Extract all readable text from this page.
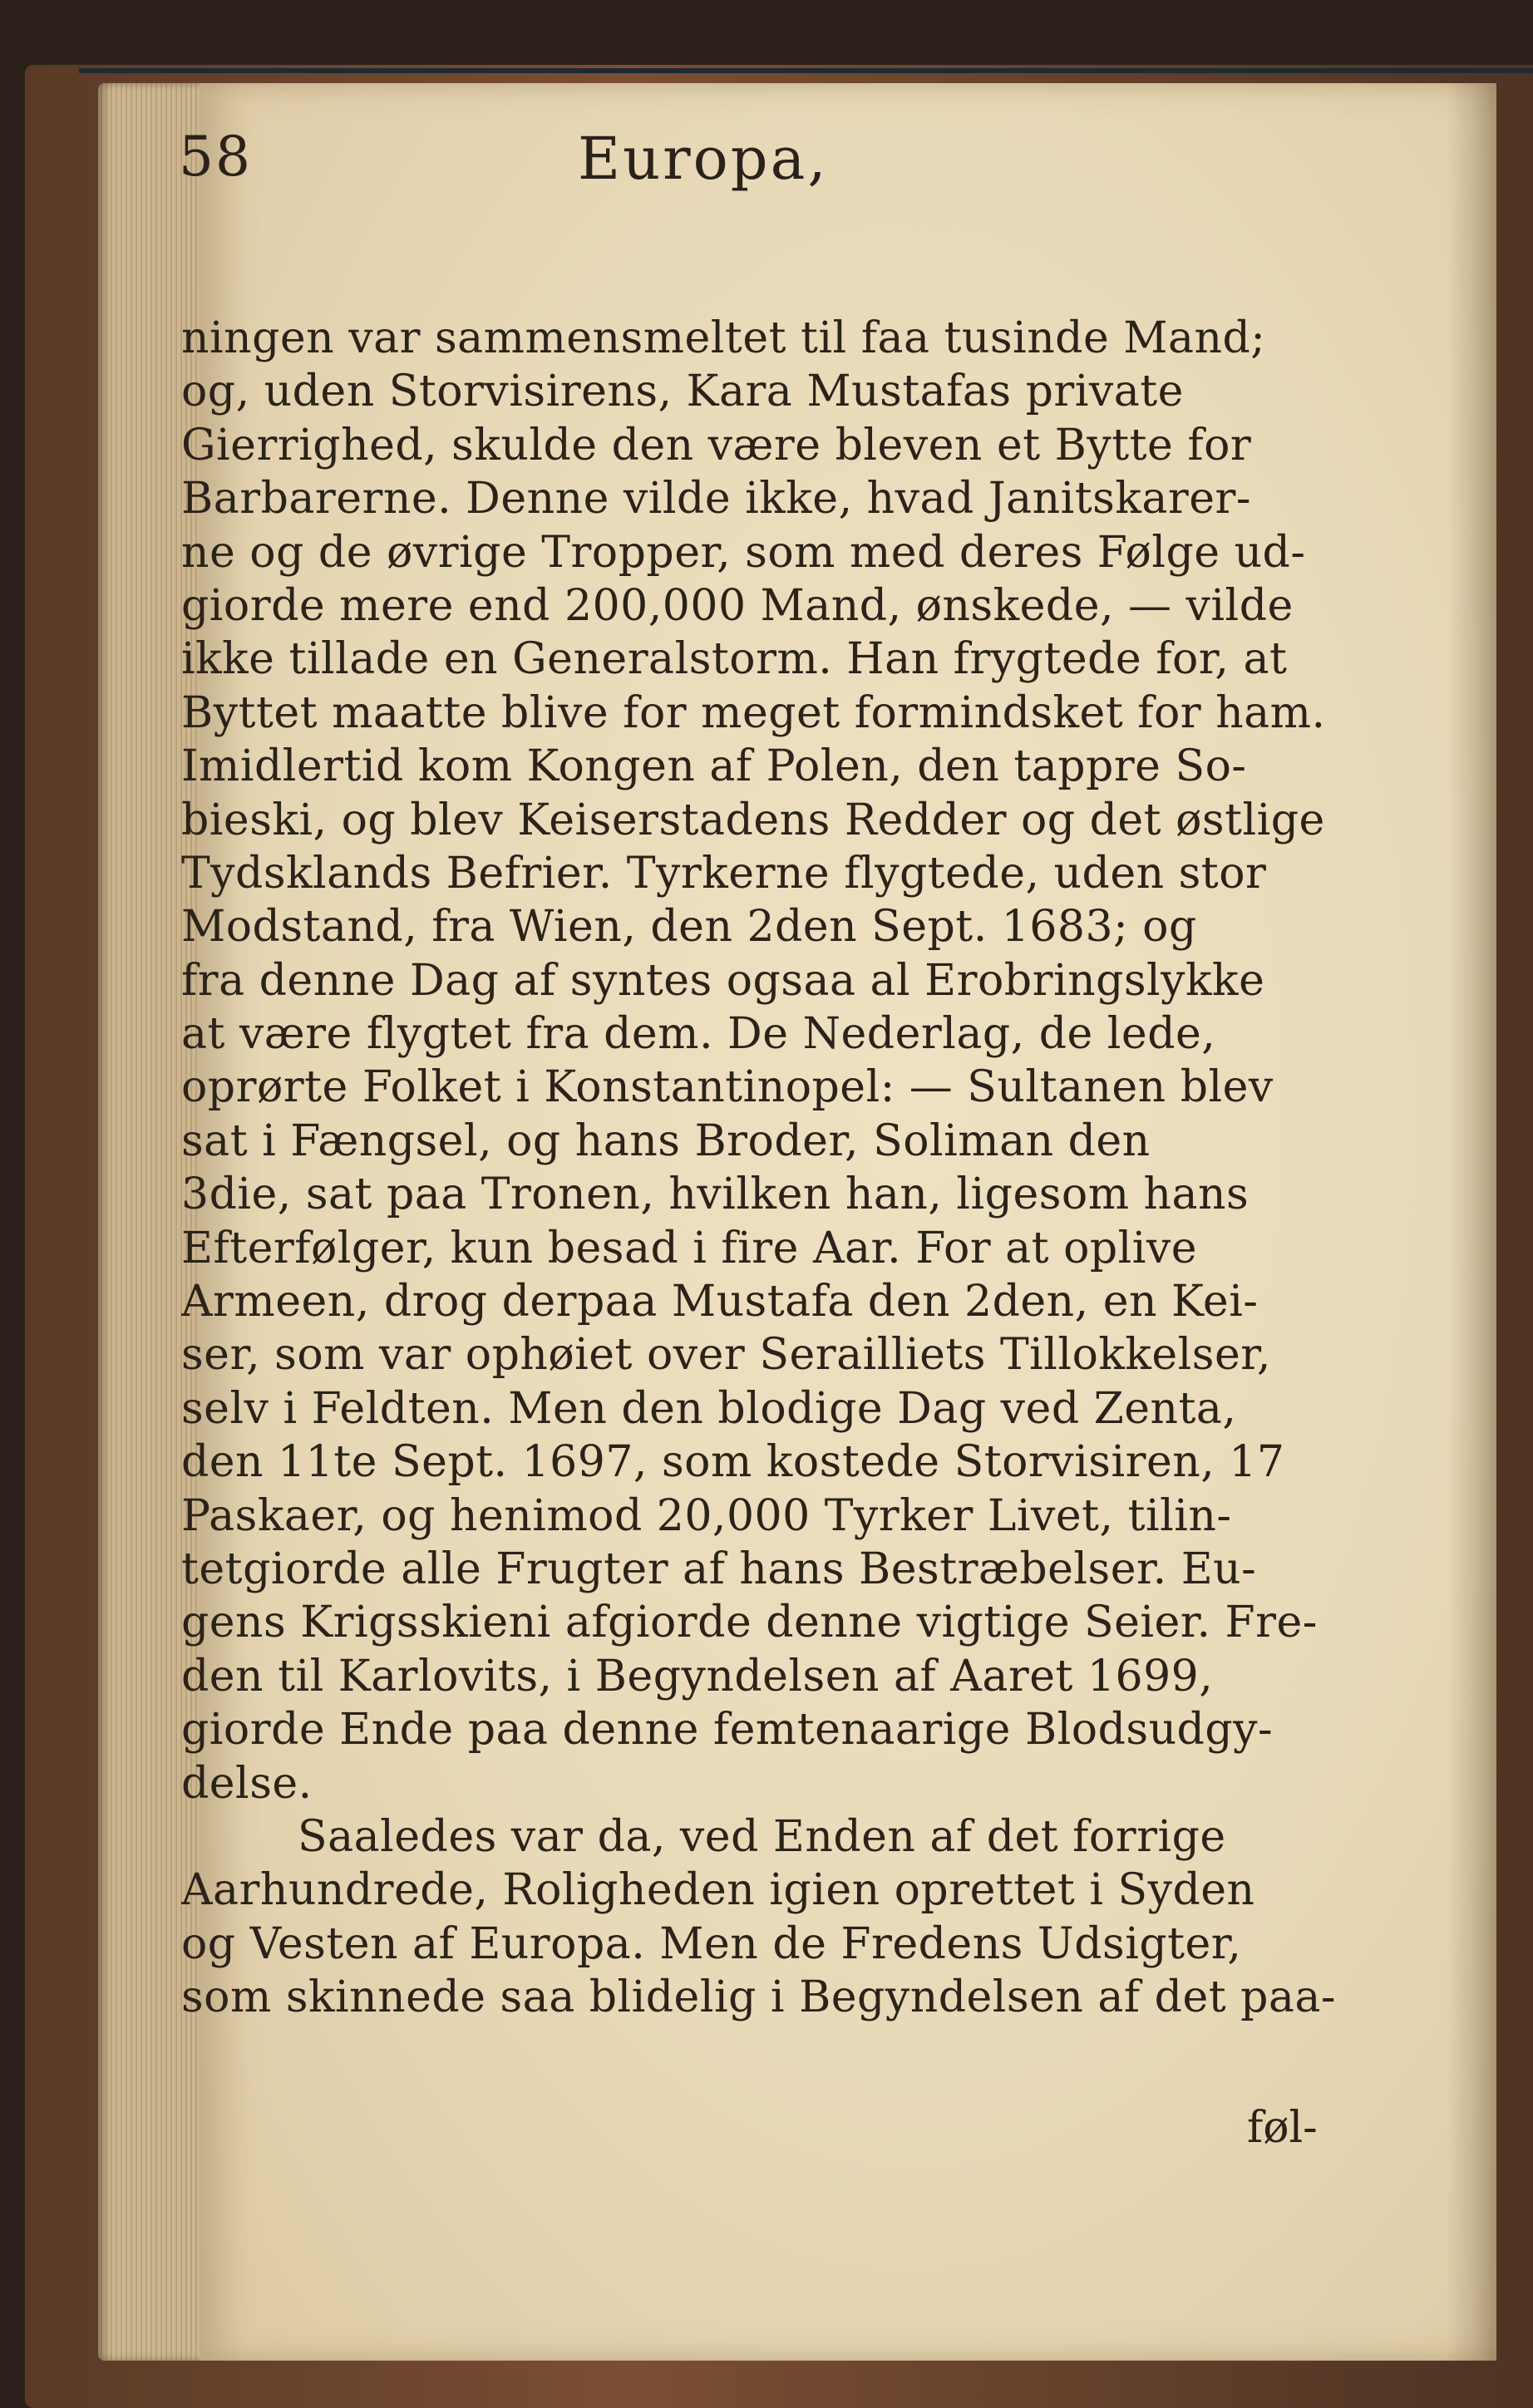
58	Europa,
ningen var sammensmeltet til faa tusinde Mand;
og, uden Storvisirens, Kara Mustafas private
Gierrighed, skulde den være bleven et Bytte for
Barbarerne. Denne vilde ikke, hvad Janitskarer-
ne og de øvrige Tropper, som med deres Følge ud-
giorde mere end 200,000 Mand, ønskede, — vilde
ikke tillade en Generalstorm. Han frygtede for, at
Byttet maatte blive for meget formindsket for ham.
Imidlertid kom Kongen af Polen, den tappre So-
bieski, og blev Keiserstadens Redder og det østlige
Tydsklands Befrier. Tyrkerne flygtede, uden stor
Modstand, fra Wien, den 2den Sept. 1683; og
fra denne Dag af syntes ogsaa al Erobringslykke
at være flygtet fra dem. De Nederlag, de lede,
oprørte Folket i Konstantinopel: — Sultanen blev
sat i Fængsel, og hans Broder, Soliman den
3die, sat paa Tronen, hvilken han, ligesom hans
Efterfølger, kun besad i fire Aar. For at oplive
Armeen, drog derpaa Mustafa den 2den, en Kei-
ser, som var ophøiet over Serailliets Tillokkelser,
selv i Feldten. Men den blodige Dag ved Zenta,
den 11te Sept. 1697, som kostede Storvisiren, 17
Paskaer, og henimod 20,000 Tyrker Livet, tilin-
tetgiorde alle Frugter af hans Bestræbelser. Eu-
gens Krigsskieni afgiorde denne vigtige Seier. Fre-
den til Karlovits, i Begyndelsen af Aaret 1699,
giorde Ende paa denne femtenaarige Blodsudgy-
delse.
Saaledes var da, ved Enden af det forrige
Aarhundrede, Roligheden igien oprettet i Syden
og Vesten af Europa. Men de Fredens Udsigter,
som skinnede saa blidelig i Begyndelsen af det paa-
føl-
